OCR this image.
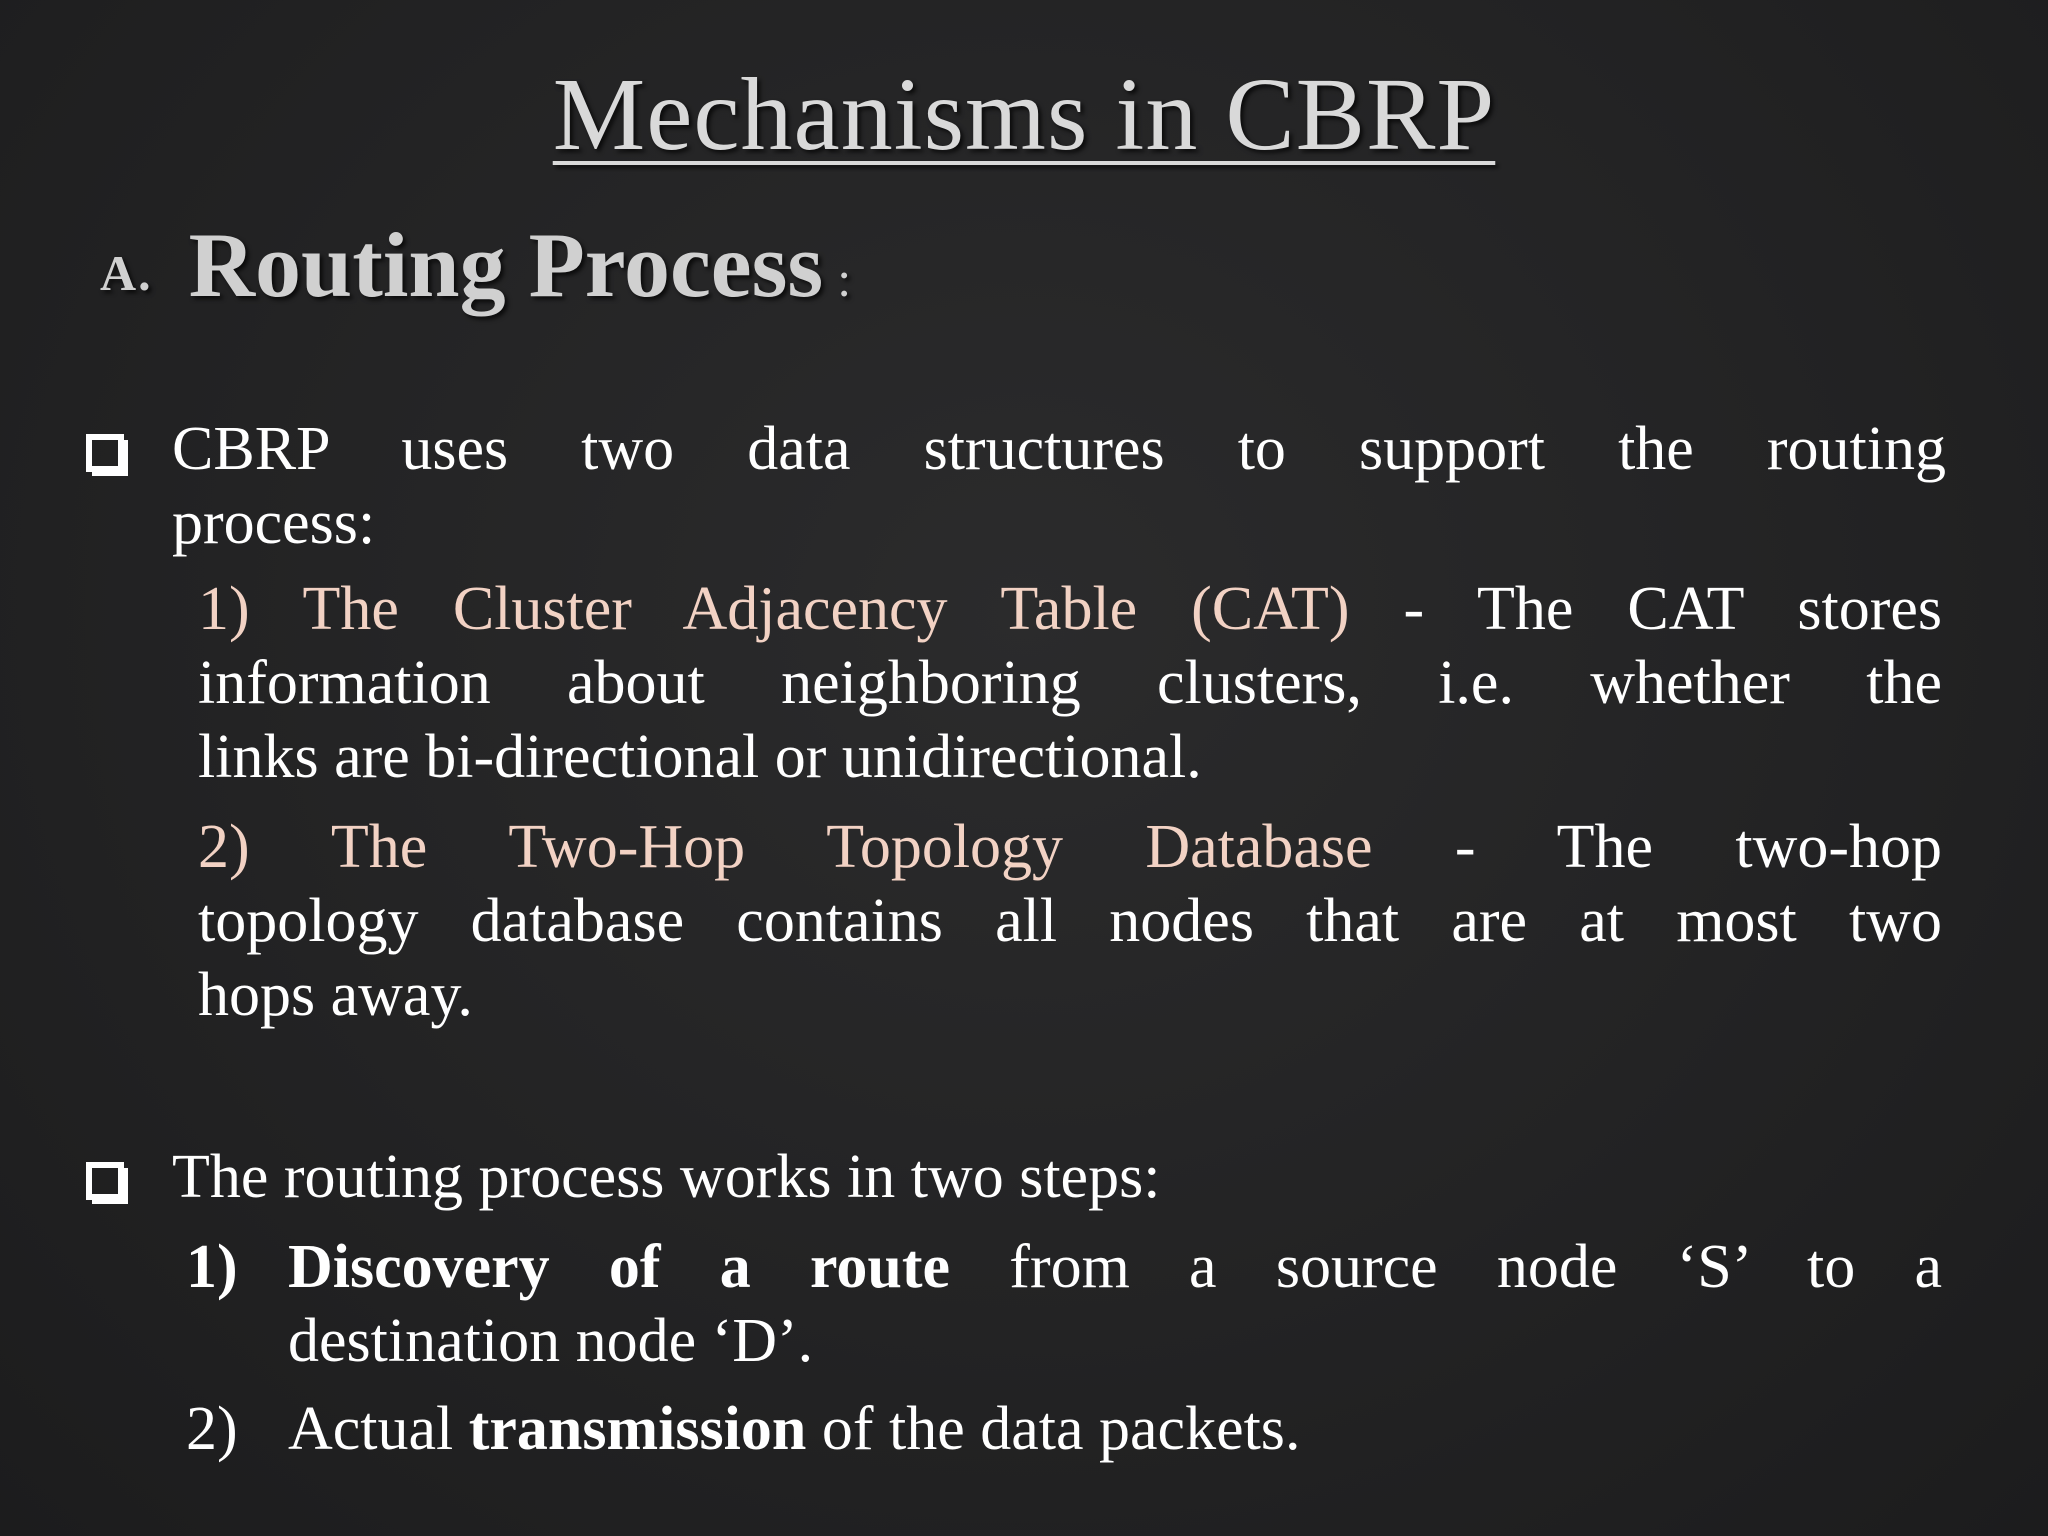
Mechanisms in CBRP
A. Routing Process :
CBRP uses two data structures to support the routing
process:
1) The Cluster Adjacency Table (CAT) - The CAT stores
information about neighboring clusters, i.e. whether the
links are bi-directional or unidirectional.
2) The Two-Hop Topology Database - The two-hop
topology database contains all nodes that are at most two
hops away.
The routing process works in two steps:
1) Discovery of a route from a source node ‘S’ to a
destination node ‘D’.
2) Actual transmission of the data packets.
